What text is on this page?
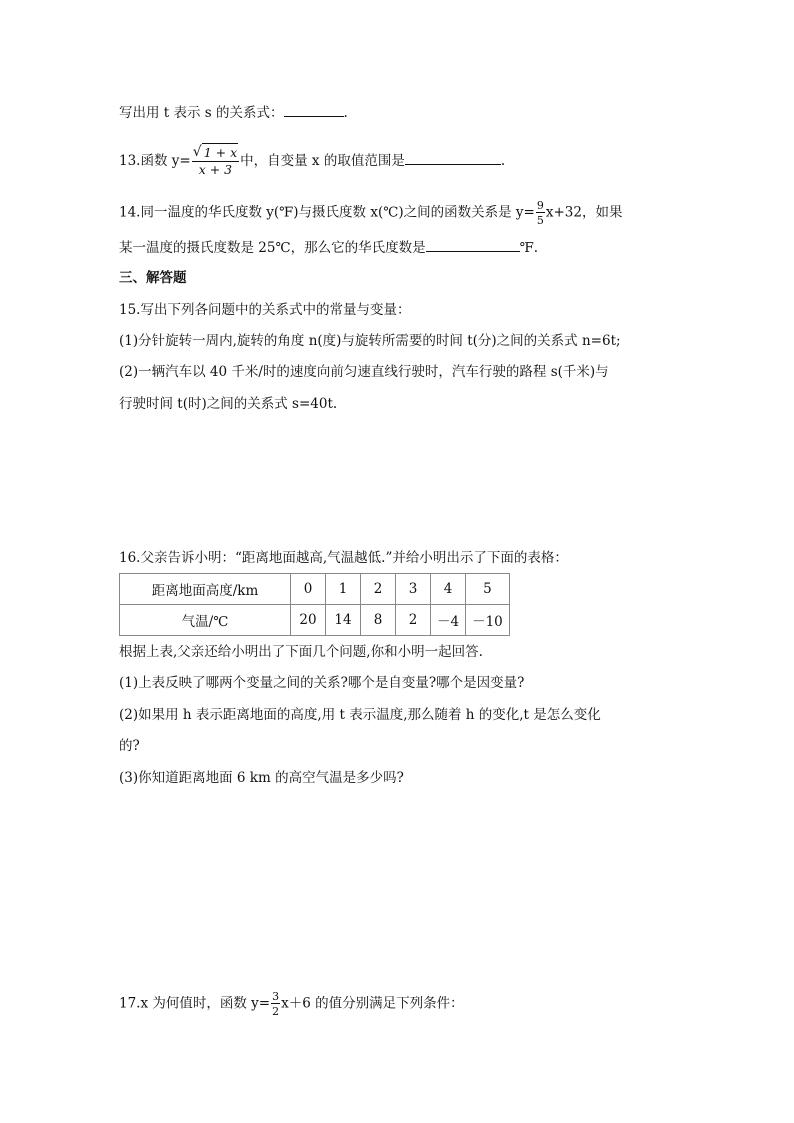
写出用 t 表示 s 的关系式：	.
13.函数 $y= \frac{√ 1 + x}{x + 3}$ 中，自变量 x 的取值范围是	.
14.同一温度的华氏度数 y(℉)与摄氏度数 x(℃)之间的函数关系是 $y= \frac{9}{5} x+32$，如果
某一温度的摄氏度数是 25℃，那么它的华氏度数是	℉.
三、解答题
15.写出下列各问题中的关系式中的常量与变量：
(1)分针旋转一周内,旋转的角度 n(度)与旋转所需要的时间 t(分)之间的关系式 n=6t;
(2)一辆汽车以 40 千米/时的速度向前匀速直线行驶时，汽车行驶的路程 s(千米)与
行驶时间 t(时)之间的关系式 s=40t.
16.父亲告诉小明：“距离地面越高,气温越低.”并给小明出示了下面的表格：
距离地面高度/km	0	1	2	3	4	5
气温/℃	20	14	8	2	－4	－10
根据上表,父亲还给小明出了下面几个问题,你和小明一起回答.
(1)上表反映了哪两个变量之间的关系?哪个是自变量?哪个是因变量?
(2)如果用 h 表示距离地面的高度,用 t 表示温度,那么随着 h 的变化,t 是怎么变化
的?
(3)你知道距离地面 6 km 的高空气温是多少吗?
17.x 为何值时，函数 $y= \frac{3}{2} x+6$ 的值分别满足下列条件：
